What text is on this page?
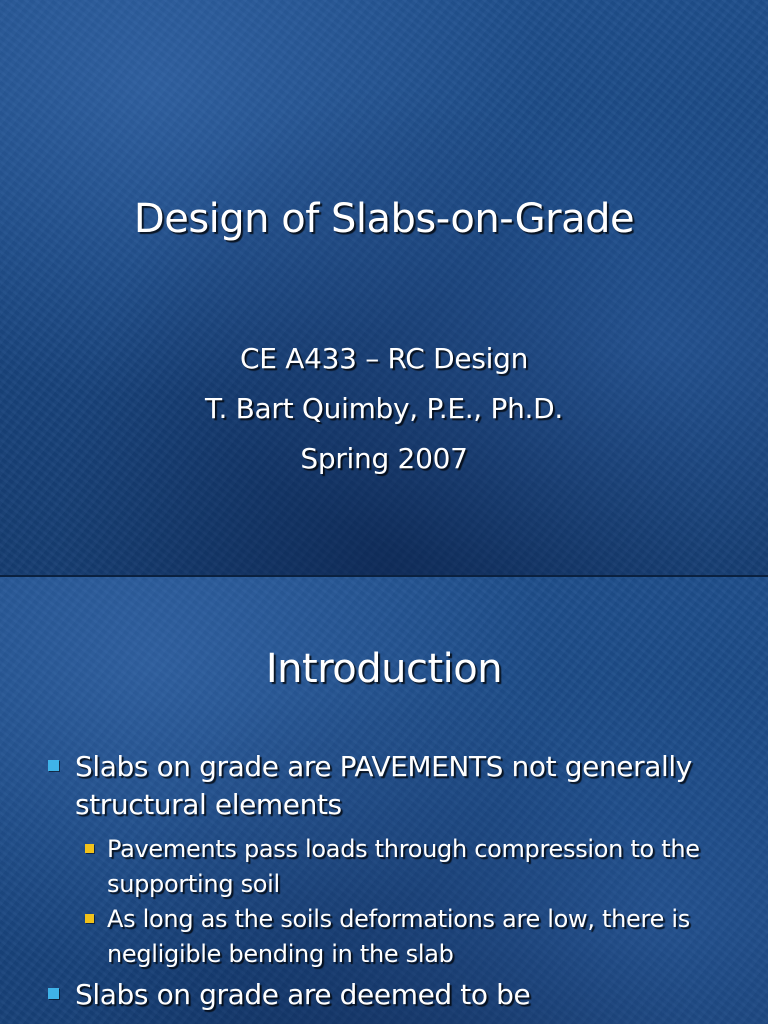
Design of Slabs-on-Grade
CE A433 – RC Design
T. Bart Quimby, P.E., Ph.D.
Spring 2007
Introduction
Slabs on grade are PAVEMENTS not generally structural elements
Pavements pass loads through compression to the supporting soil
As long as the soils deformations are low, there is negligible bending in the slab
Slabs on grade are deemed to be
